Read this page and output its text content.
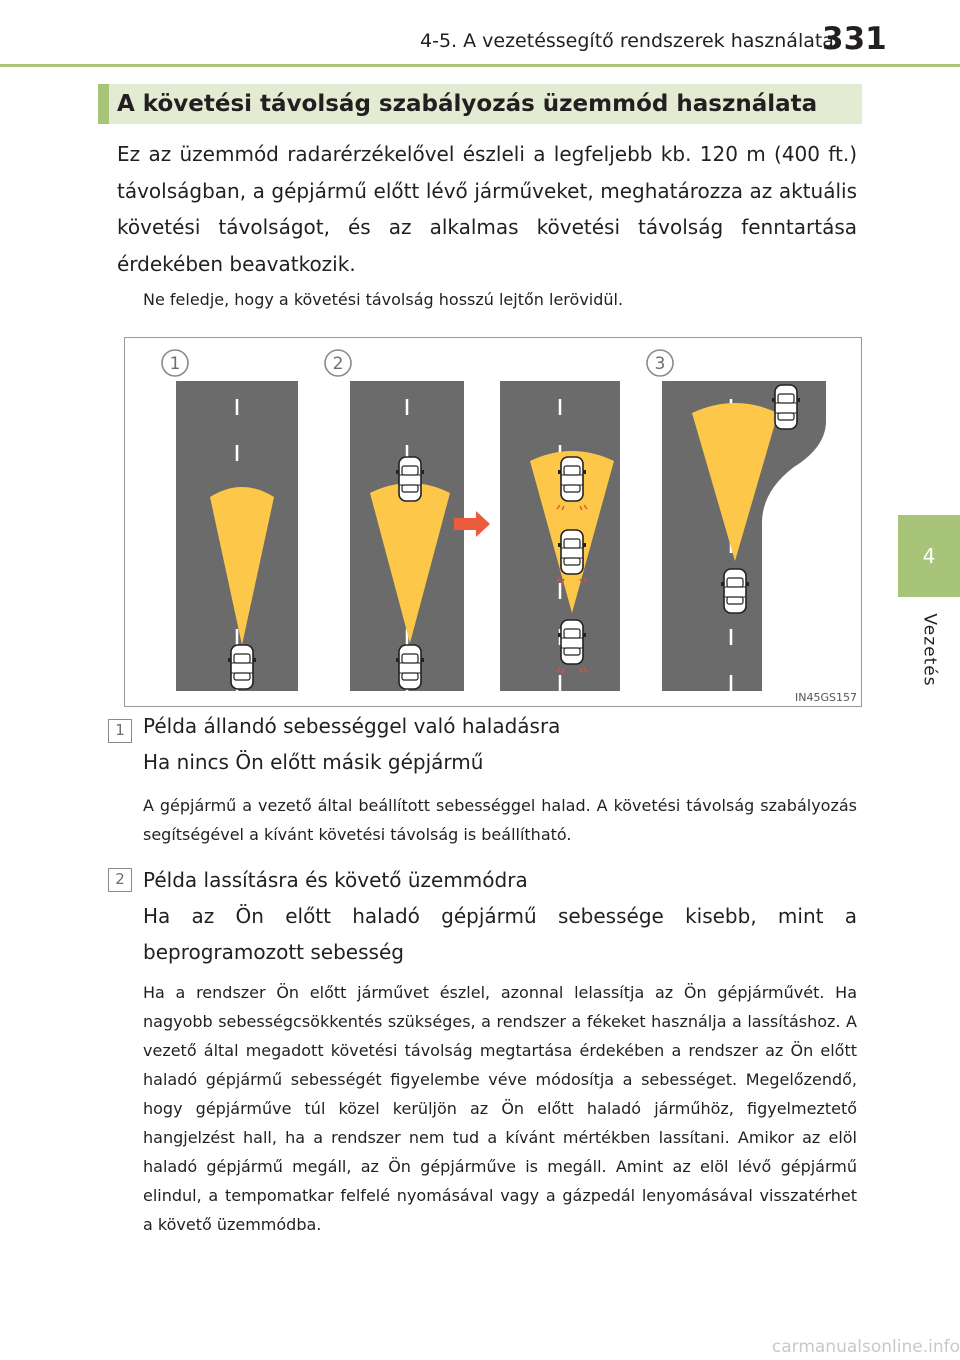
4-5. A vezetéssegítő rendszerek használata
331
4
Vezetés
A követési távolság szabályozás üzemmód használata

Ez az üzemmód radarérzékelővel észleli a legfeljebb kb. 120 m (400 ft.) távolságban, a gépjármű előtt lévő járműveket, meghatározza az aktuális követési távolságot, és az alkalmas követési távolság fenntartása érdekében beavatkozik.

Ne feledje, hogy a követési távolság hosszú lejtőn lerövidül.

1	2	3
IN45GS157
1 Példa állandó sebességgel való haladásra

Ha nincs Ön előtt másik gépjármű

A gépjármű a vezető által beállított sebességgel halad. A követési távolság szabályozás segítségével a kívánt követési távolság is beállítható.

2 Példa lassításra és követő üzemmódra

Ha az Ön előtt haladó gépjármű sebessége kisebb, mint a beprogramozott sebesség

Ha a rendszer Ön előtt járművet észlel, azonnal lelassítja az Ön gépjárművét. Ha nagyobb sebességcsökkentés szükséges, a rendszer a fékeket használja a lassításhoz. A vezető által megadott követési távolság megtartása érdekében a rendszer az Ön előtt haladó gépjármű sebességét figyelembe véve módosítja a sebességet. Megelőzendő, hogy gépjárműve túl közel kerüljön az Ön előtt haladó járműhöz, figyelmeztető hangjelzést hall, ha a rendszer nem tud a kívánt mértékben lassítani. Amikor az elöl haladó gépjármű megáll, az Ön gépjárműve is megáll. Amint az elöl lévő gépjármű elindul, a tempomatkar felfelé nyomásával vagy a gázpedál lenyomásával visszatérhet a követő üzemmódba.

carmanualsonline.info
